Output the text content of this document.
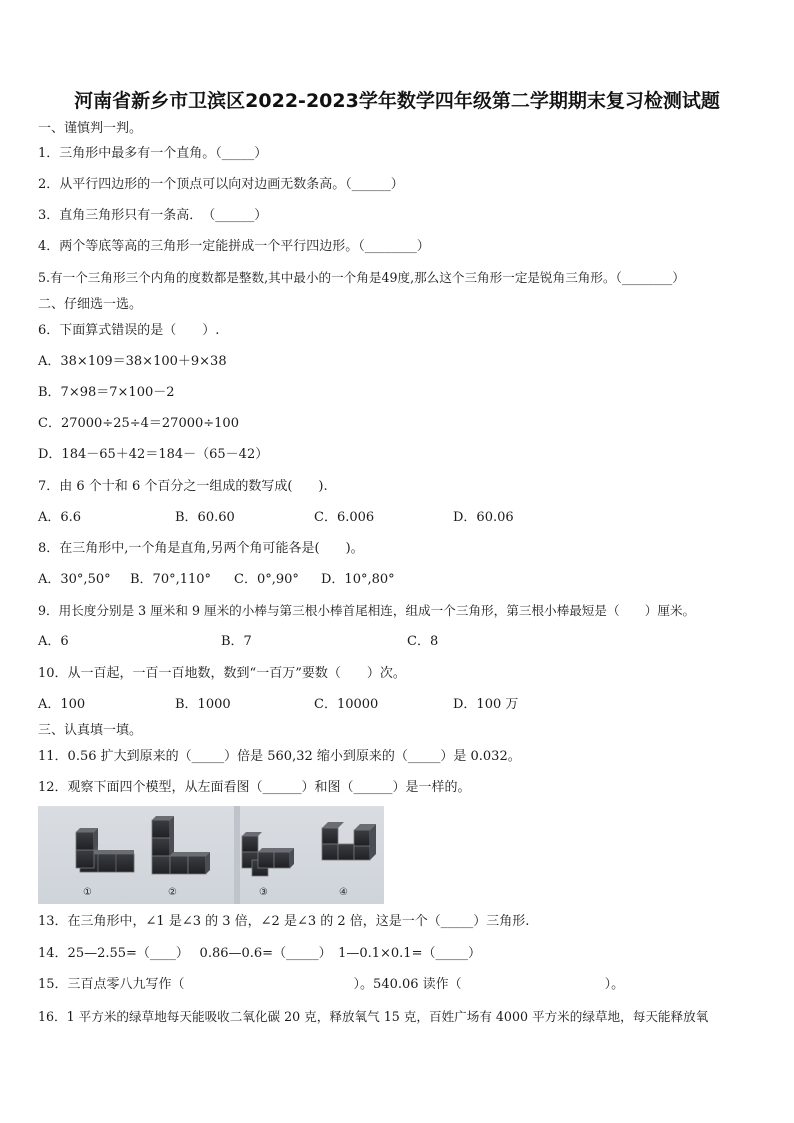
河南省新乡市卫滨区2022-2023学年数学四年级第二学期期末复习检测试题
一、谨慎判一判。
1．三角形中最多有一个直角。（_____）
2．从平行四边形的一个顶点可以向对边画无数条高。（______）
3．直角三角形只有一条高．　（______）
4．两个等底等高的三角形一定能拼成一个平行四边形。（________）
5.有一个三角形三个内角的度数都是整数,其中最小的一个角是49度,那么这个三角形一定是锐角三角形。（________）
二、仔细选一选。
6．下面算式错误的是（　　）.
A．38×109＝38×100＋9×38
B．7×98＝7×100－2
C．27000÷25÷4＝27000÷100
D．184－65＋42＝184－（65－42）
7．由 6 个十和 6 个百分之一组成的数写成(　　).
A．6.6	B．60.60	C．6.006	D．60.06
8．在三角形中,一个角是直角,另两个角可能各是(　　)。
A．30°,50° B．70°,110° C．0°,90° D．10°,80°
9．用长度分别是 3 厘米和 9 厘米的小棒与第三根小棒首尾相连，组成一个三角形，第三根小棒最短是（　　）厘米。
A．6	B．7	C．8
10．从一百起，一百一百地数，数到“一百万”要数（　　）次。
A．100	B．1000	C．10000	D．100 万
三、认真填一填。
11．0.56 扩大到原来的（_____）倍是 560,32 缩小到原来的（_____）是 0.032。
12．观察下面四个模型，从左面看图（______）和图（______）是一样的。
①	②	③	④
13．在三角形中，∠1 是∠3 的 3 倍，∠2 是∠3 的 2 倍，这是一个（_____）三角形.
14．25—2.55=（____）　 0.86—0.6=（_____）　1—0.1×0.1=（_____）
15．三百点零八九写作（　　　　　　　　　　　　　）。540.06 读作（　　　　　　　　　　　）。
16．1 平方米的绿草地每天能吸收二氧化碳 20 克，释放氧气 15 克，百姓广场有 4000 平方米的绿草地，每天能释放氧
